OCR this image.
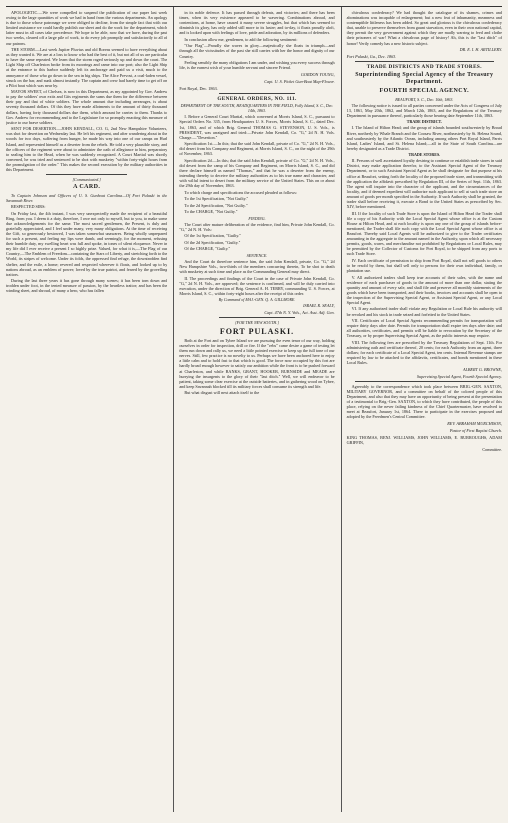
APOLOGETIC.—We were compelled to suspend the publication of our paper last week owing to the large quantities of work we had in hand from the various departments. An apology is due to those whose patronage we were obliged to decline, from the simple fact that with our limited assistance we could hardly publish our sheet and do the work for the department, which latter must in all cases take precedence. We hope to be able, now that we have, during the past two weeks, cleared off a large pile of work, to do every job promptly and satisfactorily to all of our patrons.

THE STORM.—Last week Jupiter Pluvius and old Boreas seemed to have everything about as they wanted it. We are at a loss to know who had the best of it, but not all of us are particular to have the same repeated. We learn that the storm raged seriously up and down the coast. The Light Ship off Charleston broke from its moorings and came into our port; also the Light Ship at the entrance to this harbor suddenly left its anchorage and paid us a visit, much to the annoyance of those who go down to the sea in big ships. The Alice Prevost, a coal-laden vessel, struck on the bar, and sunk almost instantly. The captain and crew had barely time to get off on a Pilot boat which was near by.

MAYOR SWEET, of Chelsea, is now in this Department, as my appointed by Gov. Andrew to pay the soldiers' own exits and Gits regiments the sums due them for the difference between their pay and that of white soldiers. The whole amount due including arrearages, is about seventy thousand dollars. Of this they have made allotments to the amount of thirty thousand dollars, having forty thousand dollars due them, which amount he carries to them. Thanks to Gov. Andrew for recommending and to the Legislature for so promptly enacting this measure of justice to our brave soldiers.

SENT FOR DESERTION.—JOHN KENDALL, CO. G, 2nd New Hampshire Volunteers, was shot for desertion on Wednesday last. He left his regiment, and after wandering about in the woods for two days, suffering from hunger, he made his way into one of our camps on Hurl Island, and represented himself as a deserter from the rebels. He told a very plausible story, and the officers of the regiment were about to administer the oath of allegiance to him, preparatory to sealing him to the Head, when he was suddenly recognized. A Court Martial was shortly convened, he was tried and sentenced to be shot with musketry "within forty-eight hours from the promulgation of the order." This makes the second execution by the military authorities in this Department.

[Communicated.]
A CARD.

To Captain Johnson and Officers of U. S. Gunboat Carolina—Of Fort Pulaski in the Savannah River.

RESPECTED SIRS:

On Friday last, the 4th instant, I was very unexpectedly made the recipient of a beautiful Ring, from you. I deem it a duty, therefore, I owe not only to myself, but to you, to make some due acknowledgements for the same. The most sacred gentlemen, the Present, is duly and gratefully appreciated, and I feel under many, very many obligations. At the time of receiving the Gift, so generously bestowed, I was taken somewhat unawares. Being wholly unprepared for such a present, and feeling my lips were dumb, and seemingly, for the moment, refusing their humble duty, my swelling heart was full and spoke, in tones of silent eloquence. Never in my life did I ever receive a present I so highly prize. Valued, for what it is,—The Flag of our Country,—The Emblem of Freedom—containing the Stars of Liberty, and stretching forth to the World, its stripes of welcome. Under its folds, the oppressed find refuge, the downtrodden find shelter, and the exile, a home; revered and respected wherever it floats, and looked up to by nations abroad, as an emblem of power; loved by the true patriot, and feared by the grovelling traitors.

During the last three years it has gone through many scenes; it has been torn down and trodden under foot, in the tented measure of passion, by the heartless traitor; and has been the winding sheet, and shroud, of many a hero, who has fallen

in its noble defence. It has passed through defeats, and victories; and there has been times, when its very existence appeared to be wavering. Combinations abroad, and contentions, at home, have caused it many severe struggles, but that which has seemed to diminish its glory, has only added still more to its lustre; and to-day, it floats proudly aloft, and is looked upon with feelings of love, pride and adoration, by its millions of defenders.

In conclusion allow me, gentlemen, to add the following sentiment:

"Our Flag"—Proudly she waves in glory—majestically she floats in triumph—and through all the vicissitudes of the past she still carries with her the honor and dignity of our Country.

Feeling sensibly the many obligations I am under, and wishing you every success through life, is the earnest wish of your humble servant and sincere Friend.

GORDON YOUNG,
Capt. U. S. Picket Gun-Boat Map-Flower.

Fort Royal, Dec. 1863.

GENERAL ORDERS, NO. 111.
DEPARTMENT OF THE SOUTH, HEADQUARTERS IN THE FIELD, Folly Island, S. C., Dec. 14th, 1863.

I. Before a General Court Martial, which convened at Morris Island, S. C., pursuant to Special Orders No. 335, from Headquarters U. S. Forces, Morris Island, S. C., dated Dec. 1st, 1863, and of which Brig. General THOMAS G. STEVENSON, U. S. Vols., is PRESIDENT, was arraigned and tried:—Private John Kendall, Co. "G," 2d N. H. Vols. Charge.—"Desertion."

Specification 1st.—In this; that the said John Kendall, private of Co. "G," 2d N. H. Vols., did desert from his Company and Regiment, at Morris Island, S. C., on the night of the 29th of November, 1863.

Specification 2d.—In this; that the said John Kendall, private of Co. "G," 2d N. H. Vols., did desert from the camp of his Company and Regiment, on Morris Island, S. C., and did there declare himself as named "Thomas," and that he was a deserter from the enemy, intending thereby to deceive the military authorities as to his true name and character, and with wilful intent to desert from the military service of the United States. This on or about the 29th day of November, 1863.

To which charge and specifications the accused pleaded as follows:

To the 1st Specification, "Not Guilty."

To the 2d Specification, "Not Guilty."

To the CHARGE, "Not Guilty."

FINDING.

The Court after mature deliberation of the evidence, find him, Private John Kendall, Co. "G," 2d N. H. Vols:

Of the 1st Specification, "Guilty."

Of the 2d Specification, "Guilty."

Of the CHARGE, "Guilty."

SENTENCE.

And the Court do therefore sentence him, the said John Kendall, private, Co. "G," 2d New Hampshire Vols., two-thirds of the members concurring therein, To be shot to death with musketry at such time and place as the Commanding General may direct.

II. The proceedings and findings of the Court in the case of Private John Kendall, Co. "G," 2d N. H. Vols., are approved; the sentence is confirmed, and will be duly carried into execution, under the direction of Brig. General A. H. TERRY, commanding U. S. Forces, at Morris Island, S. C., within forty-eight hours after the receipt of this order.

By Command of MAJ.-GEN. Q. A. GILLMORE.
ISRAEL R. SEALY,
Capt. 47th N. Y. Vols., Act. Asst. Adj. Gen.
[FOR THE NEW SOUTH.]
FORT PULASKI.

Both at the Fort and on Tybee Island we are pursuing the even tenor of our way, holding ourselves in order for inspection, drill or fire. If the "rebs" came desire a game of testing let them run down and rally us, we need a little pointed exercise to keep up the full tone of our nerves. Still, few practice is no novelty to us. Perhaps we have been anchored here to enjoy a little calm and to hold fast to that which is good. The force now occupied by this fort are hardly broad enough however to satisfy our ambition while the front is to be pushed forward at Charleston, and while BANKS, GRANT, HOOKER, BURNSIDE and MEADE are hurrying the insurgents to the glory of their "last ditch." Well, we will endeavor to be patient, taking some clear exercise at the outside batteries, and in gathering wood on Tybee, and keep Savannah blocked till its military forces shall consume its strength and life.

But what disgust will next attach itself to the

chivalrous confederacy? We had thought the catalogue of its shames, crimes and abominations was incapable of enlargement; but a new feat of inhumanity, meanness and contemptible littleness has been added. So great and glorious is the chivalrous confederacy that, unable to preserve themselves from gaunt starvation, even in their own national capital, they permit the very government against which they are madly warring to feed and clothe their prisoners of war! What a chivalrous page of history! Ah, this is the "last ditch" of honor! Verily comedy has a new historic subject.

DR. E. I. H. ARTILLERY.

Fort Pulaski, Ga., Dec. 1863.

TRADE DISTRICTS AND TRADE STORES.
Superintending Special Agency of the Treasury Department.
FOURTH SPECIAL AGENCY.
BEAUFORT, S. C., Dec. 10th, 1863.

The following notice is issued to all parties concerned under the Acts of Congress of July 13, 1861, May 20th, 1862, and March 12th, 1863, and the Regulations of the Treasury Department in pursuance thereof, particularly those bearing date September 11th, 1863.

TRADE DISTRICT.

I. The Island of Hilton Head; and the group of islands bounded southwesterly by Broad River, northerly by Whale Branch and the Coosaw River, northeasterly by St. Helena Sound, and southeasterly by the Atlantic Ocean, including among others Port Royal Island, Parris Island, Ladies' Island, and St. Helena Island;—all in the State of South Carolina—are hereby designated as a Trade District.

TRADE STORES.

II. Persons of well ascertained loyalty desiring to continue or establish trade stores in said District, may make application therefor, to the Assistant Special Agent of the Treasury Department, or to such Assistant Special Agent as he shall designate for that purpose at his office at Beaufort, setting forth the locality of the proposed trade store, and transmitting with the application the affidavit prescribed by Regulation III, of the Series of Sept. 11th, 1863. The agent will inquire into the character of the applicant, and the circumstances of the locality, and if deemed expedient will authorize such applicant to sell at such trade store an amount of goods per month specified in the Authority. If such Authority shall be granted, the trader shall before receiving it, execute a Bond to the United States as prescribed by Sec. XIV, before mentioned.

III. If the locality of such Trade Store is upon the Island of Hilton Head the Trader shall file a copy of his Authority with the Local Special Agent whose office is at the Custom House at Hilton Head, and at each locality is upon any one of the group of islands before-mentioned, the Trader shall file such copy with the Local Special Agent whose office is at Beaufort. Thereby said Local Agents will be authorized to give to the Trader certificates amounting in the aggregate to the amount named in the Authority, upon which all necessary permits, goods, wares, and merchandise not prohibited by Regulations or Local Rules, may be permitted by the Collector of Customs for Port Royal, to be shipped from any ports to such Trade Store.

IV. Each certificate of permission to ship from Port Royal, shall not sell goods to others to be resold by them, but shall sell only to persons for their own individual, family, or plantation use.

V. All authorized traders shall keep true accounts of their sales, with the name and residence of each purchaser of goods to the amount of more than one dollar, stating the quantity and amount of every sale, and shall file and preserve all monthly statements of the goods which have been transported, and their books, invoices and accounts shall be open to the inspection of the Supervising Special Agent, or Assistant Special Agent, or any Local Special Agent.

VI. If any authorized trader shall violate any Regulation or Local Rule his authority will be revoked and his stock in trade seized and forfeited to the United States.

VII. Certificates of Local Special Agents recommending permits for transportation will require thirty days after date. Permits for transportation shall expire ten days after date; and all authorities, certificates, and permits will be liable to revocation by the Secretary of the Treasury, or by proper Supervising Special Agent, as the public interests may require.

VIII. The following fees are prescribed by the Treasury Regulations of Sept. 11th. For administering oath and certificate thereof, 20 cents; for each Authority from an agent, three dollars; for each certificate of a Local Special Agent, ten cents. Internal Revenue stamps are required by law to be attached to the affidavits, certificates, and bonds mentioned in these Local Rules.

ALBERT G. BROWNE,
Supervising Special Agent, Fourth Special Agency.

Agreeably to the correspondence which took place between BRIG.-GEN. SAXTON, MILITARY GOVERNOR, and a committee on behalf of the colored people of this Department, and also that they may have an opportunity of being present at the presentation of a testimonial to Brig.-Gen. SAXTON, to which they have contributed, the people of this place, relying on the never failing kindness of the Chief Quartermaster, have resolved to meet at Beaufort, January 1st, 1864. There to participate in the exercises proposed and adopted by the Freedmen's Central Committee.

REV. ABRAHAM MURCHISON,
Pastor of First Baptist Church.

KING THOMAS, BENJ. WILLIAMS, JOHN WILLIAMS, E. BURROUGHS, ADAM GRIFFIN,

Committee.
